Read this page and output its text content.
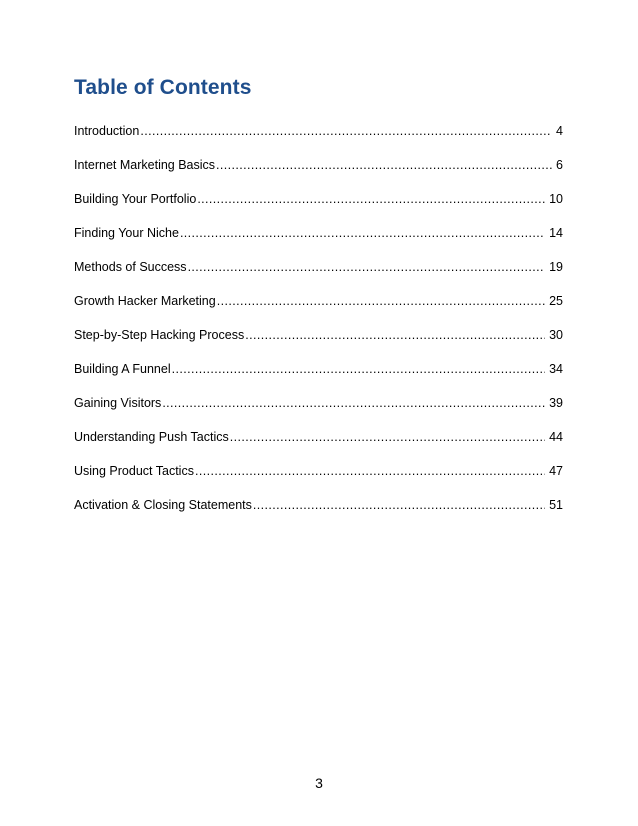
Table of Contents
Introduction .....	4
Internet Marketing Basics .....	6
Building Your Portfolio .....	10
Finding Your Niche .....	14
Methods of Success .....	19
Growth Hacker Marketing .....	25
Step-by-Step Hacking Process .....	30
Building A Funnel .....	34
Gaining Visitors .....	39
Understanding Push Tactics .....	44
Using Product Tactics .....	47
Activation & Closing Statements .....	51
3
